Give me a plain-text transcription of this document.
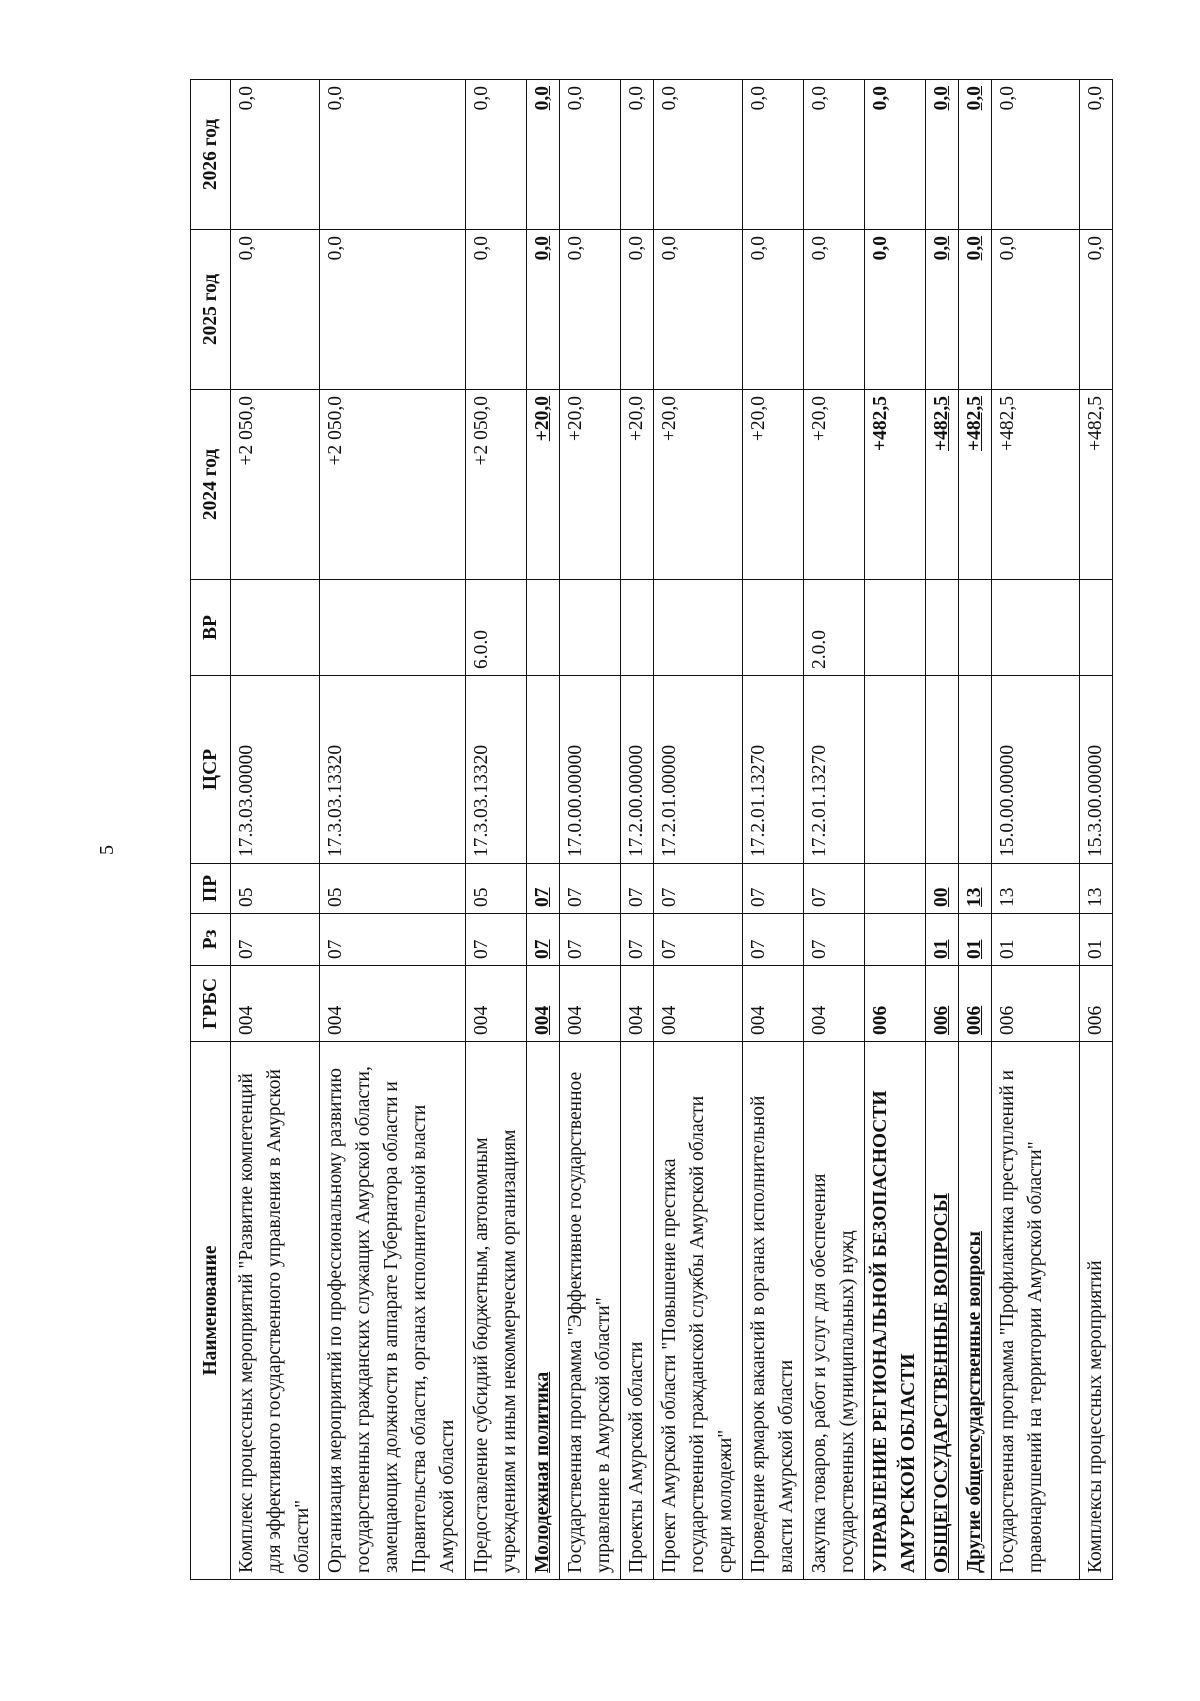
5
Наименование	ГРБС	Рз	ПР	ЦСР	ВР	2024 год	2025 год	2026 год
Комплекс процессных мероприятий "Развитие компетенций для эффективного государственного управления в Амурской области"	004	07	05	17.3.03.00000		+2 050,0	0,0	0,0
Организация мероприятий по профессиональному развитию государственных гражданских служащих Амурской области, замещающих должности в аппарате Губернатора области и Правительства области, органах исполнительной власти Амурской области	004	07	05	17.3.03.13320		+2 050,0	0,0	0,0
Предоставление субсидий бюджетным, автономным учреждениям и иным некоммерческим организациям	004	07	05	17.3.03.13320	6.0.0	+2 050,0	0,0	0,0
Молодежная политика	004	07	07			+20,0	0,0	0,0
Государственная программа "Эффективное государственное управление в Амурской области"	004	07	07	17.0.00.00000		+20,0	0,0	0,0
Проекты Амурской области	004	07	07	17.2.00.00000		+20,0	0,0	0,0
Проект Амурской области "Повышение престижа государственной гражданской службы Амурской области среди молодежи"	004	07	07	17.2.01.00000		+20,0	0,0	0,0
Проведение ярмарок вакансий в органах исполнительной власти Амурской области	004	07	07	17.2.01.13270		+20,0	0,0	0,0
Закупка товаров, работ и услуг для обеспечения государственных (муниципальных) нужд	004	07	07	17.2.01.13270	2.0.0	+20,0	0,0	0,0
УПРАВЛЕНИЕ РЕГИОНАЛЬНОЙ БЕЗОПАСНОСТИ АМУРСКОЙ ОБЛАСТИ	006					+482,5	0,0	0,0
ОБЩЕГОСУДАРСТВЕННЫЕ ВОПРОСЫ	006	01	00			+482,5	0,0	0,0
Другие общегосударственные вопросы	006	01	13			+482,5	0,0	0,0
Государственная программа "Профилактика преступлений и правонарушений на территории Амурской области"	006	01	13	15.0.00.00000		+482,5	0,0	0,0
Комплексы процессных мероприятий	006	01	13	15.3.00.00000		+482,5	0,0	0,0
